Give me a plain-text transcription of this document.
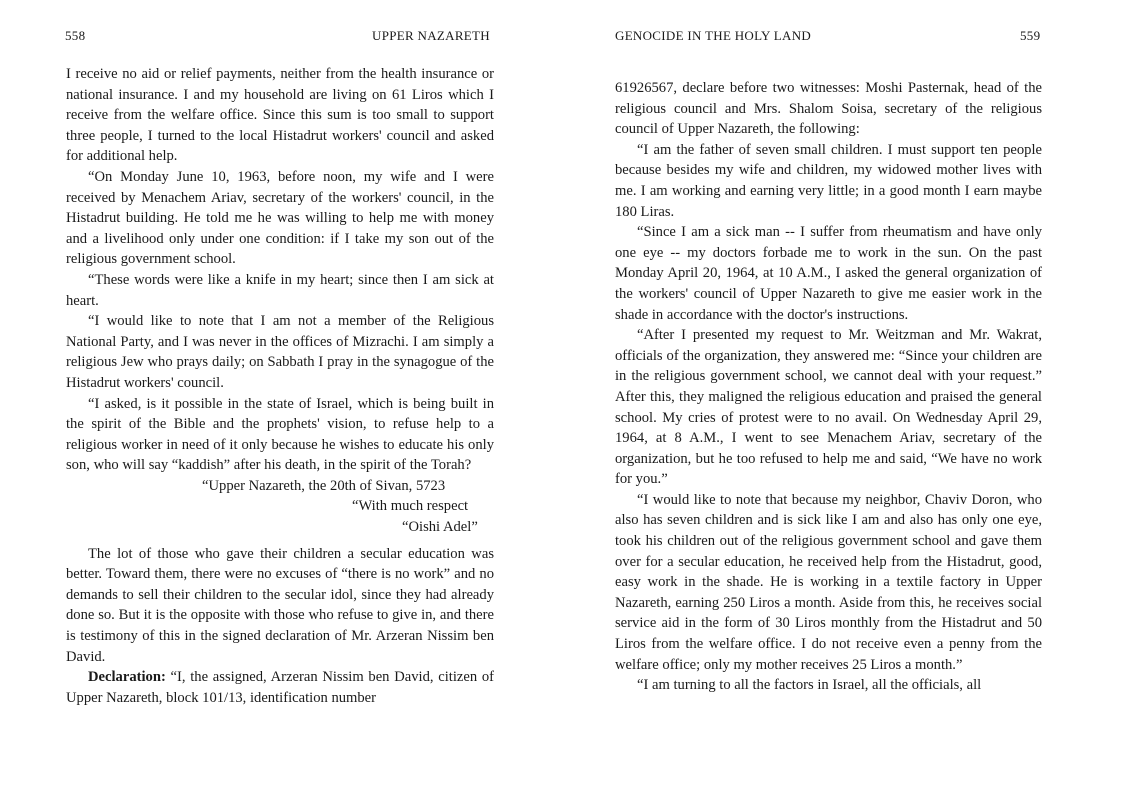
558	UPPER NAZARETH

I receive no aid or relief payments, neither from the health insurance or national insurance. I and my household are living on 61 Liros which I receive from the welfare office. Since this sum is too small to support three people, I turned to the local Histadrut workers' council and asked for additional help.

“On Monday June 10, 1963, before noon, my wife and I were received by Menachem Ariav, secretary of the workers' council, in the Histadrut building. He told me he was willing to help me with money and a livelihood only under one condition: if I take my son out of the religious government school.

“These words were like a knife in my heart; since then I am sick at heart.

“I would like to note that I am not a member of the Religious National Party, and I was never in the offices of Mizrachi. I am simply a religious Jew who prays daily; on Sabbath I pray in the synagogue of the Histadrut workers' council.

“I asked, is it possible in the state of Israel, which is being built in the spirit of the Bible and the prophets' vision, to refuse help to a religious worker in need of it only because he wishes to educate his only son, who will say “kaddish” after his death, in the spirit of the Torah?

“Upper Nazareth, the 20th of Sivan, 5723

“With much respect

“Oishi Adel”

The lot of those who gave their children a secular education was better. Toward them, there were no excuses of “there is no work” and no demands to sell their children to the secular idol, since they had already done so. But it is the opposite with those who refuse to give in, and there is testimony of this in the signed declaration of Mr. Arzeran Nissim ben David.

Declaration: “I, the assigned, Arzeran Nissim ben David, citizen of Upper Nazareth, block 101/13, identification number

GENOCIDE IN THE HOLY LAND	559

61926567, declare before two witnesses: Moshi Pasternak, head of the religious council and Mrs. Shalom Soisa, secretary of the religious council of Upper Nazareth, the following:

“I am the father of seven small children. I must support ten people because besides my wife and children, my widowed mother lives with me. I am working and earning very little; in a good month I earn maybe 180 Liras.

“Since I am a sick man -- I suffer from rheumatism and have only one eye -- my doctors forbade me to work in the sun. On the past Monday April 20, 1964, at 10 A.M., I asked the general organization of the workers' council of Upper Nazareth to give me easier work in the shade in accordance with the doctor's instructions.

“After I presented my request to Mr. Weitzman and Mr. Wakrat, officials of the organization, they answered me: “Since your children are in the religious government school, we cannot deal with your request.” After this, they maligned the religious education and praised the general school. My cries of protest were to no avail. On Wednesday April 29, 1964, at 8 A.M., I went to see Menachem Ariav, secretary of the organization, but he too refused to help me and said, “We have no work for you.”

“I would like to note that because my neighbor, Chaviv Doron, who also has seven children and is sick like I am and also has only one eye, took his children out of the religious government school and gave them over for a secular education, he received help from the Histadrut, good, easy work in the shade. He is working in a textile factory in Upper Nazareth, earning 250 Liros a month. Aside from this, he receives social service aid in the form of 30 Liros monthly from the Histadrut and 50 Liros from the welfare office. I do not receive even a penny from the welfare office; only my mother receives 25 Liros a month.”

“I am turning to all the factors in Israel, all the officials, all
